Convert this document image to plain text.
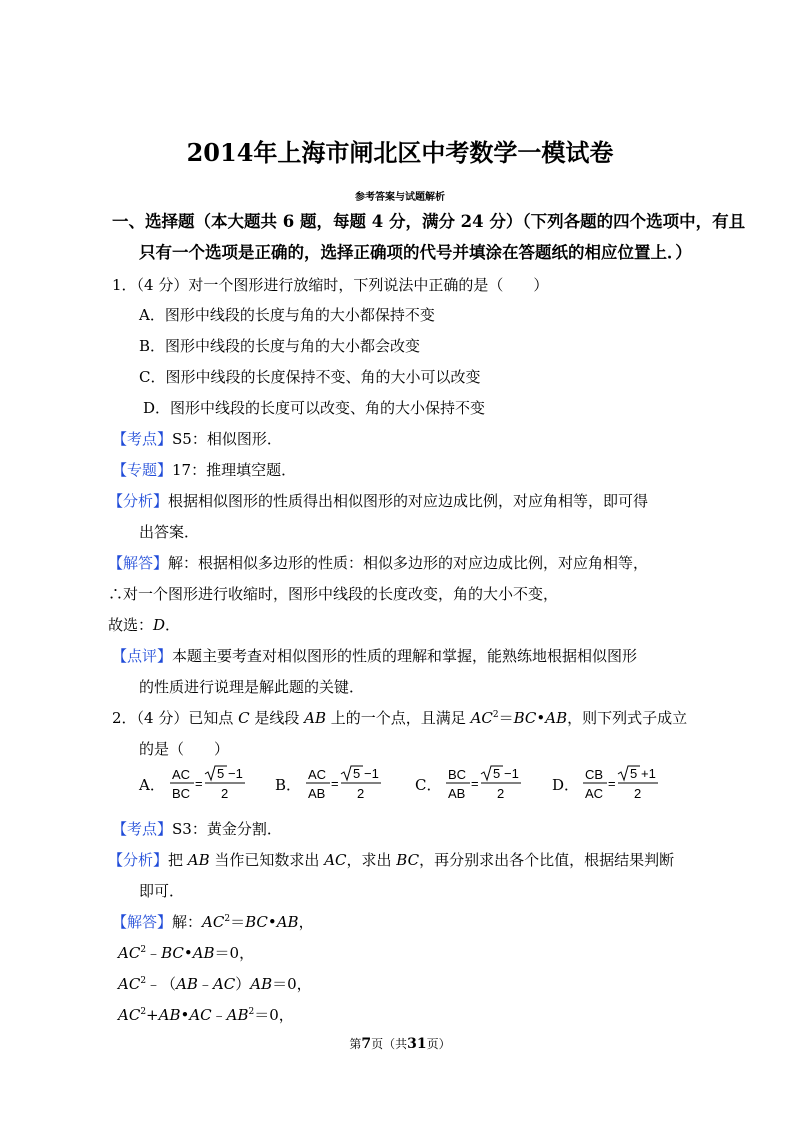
2014年上海市闸北区中考数学一模试卷
参考答案与试题解析
一、选择题（本大题共 6 题，每题 4 分，满分 24 分）（下列各题的四个选项中，有且
只有一个选项是正确的，选择正确项的代号并填涂在答题纸的相应位置上．）
1．（4 分）对一个图形进行放缩时，下列说法中正确的是（　　）
A．图形中线段的长度与角的大小都保持不变
B．图形中线段的长度与角的大小都会改变
C．图形中线段的长度保持不变、角的大小可以改变
D．图形中线段的长度可以改变、角的大小保持不变
【考点】S5：相似图形．
【专题】17：推理填空题．
【分析】根据相似图形的性质得出相似图形的对应边成比例，对应角相等，即可得
出答案．
【解答】解：根据相似多边形的性质：相似多边形的对应边成比例，对应角相等，
∴对一个图形进行收缩时，图形中线段的长度改变，角的大小不变，
故选：D．
【点评】本题主要考查对相似图形的性质的理解和掌握，能熟练地根据相似图形
的性质进行说理是解此题的关键．
2．（4 分）已知点 C 是线段 AB 上的一个点，且满足 $AC^2=BC•AB$，则下列式子成立
的是（　　）
A．
AC
BC
=
5 −1
2	B．
AC
AB
=
5 −1
2	C．
BC
AB
=
5 −1
2	D．
CB
AC
=
5 +1
2
【考点】S3：黄金分割．
【分析】把 AB 当作已知数求出 AC，求出 BC，再分别求出各个比值，根据结果判断
即可．
【解答】解：$AC^2=BC•AB$，
$AC^2﹣BC•AB=0$，
$AC^2﹣(AB﹣AC)AB=0$，
$AC^2+AB•AC﹣AB^2=0$，
第7页（共31页）
